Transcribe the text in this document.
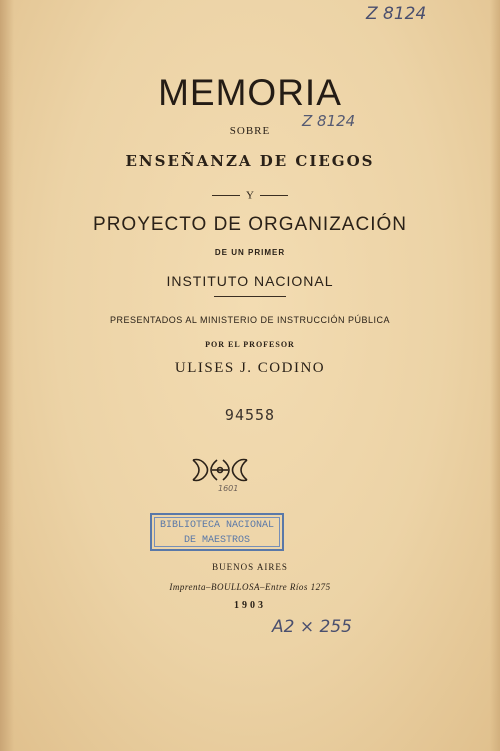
Z 8124
MEMORIA
Z 8124
SOBRE
ENSEÑANZA DE CIEGOS
Y
PROYECTO DE ORGANIZACIÓN
DE UN PRIMER
INSTITUTO NACIONAL
PRESENTADOS AL MINISTERIO DE INSTRUCCIÓN PÚBLICA
POR EL PROFESOR
ULISES J. CODINO
94558
1601
BIBLIOTECA NACIONAL
DE MAESTROS
BUENOS AIRES
Imprenta–BOULLOSA–Entre Ríos 1275
1903
A2 × 255
